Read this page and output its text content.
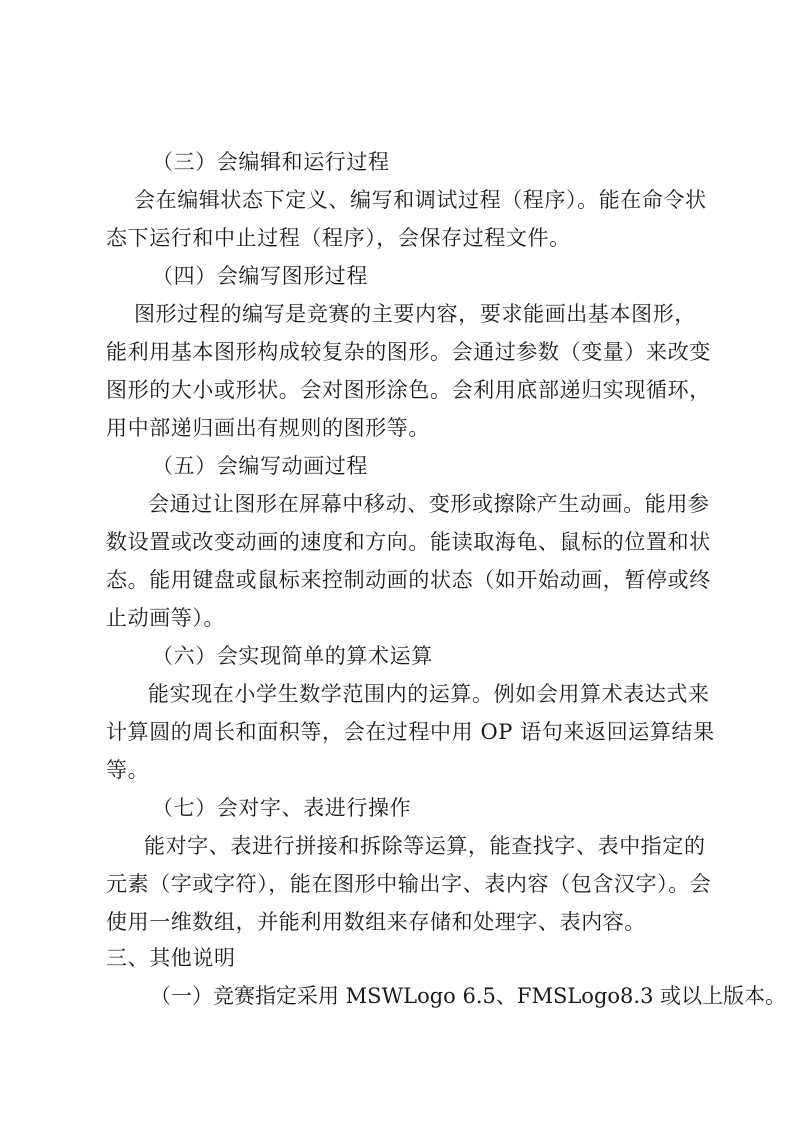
（三）会编辑和运行过程
会在编辑状态下定义、编写和调试过程（程序）。能在命令状
态下运行和中止过程（程序），会保存过程文件。
（四）会编写图形过程
图形过程的编写是竞赛的主要内容，要求能画出基本图形，
能利用基本图形构成较复杂的图形。会通过参数（变量）来改变
图形的大小或形状。会对图形涂色。会利用底部递归实现循环，
用中部递归画出有规则的图形等。
（五）会编写动画过程
会通过让图形在屏幕中移动、变形或擦除产生动画。能用参
数设置或改变动画的速度和方向。能读取海龟、鼠标的位置和状
态。能用键盘或鼠标来控制动画的状态（如开始动画，暂停或终
止动画等）。
（六）会实现简单的算术运算
能实现在小学生数学范围内的运算。例如会用算术表达式来
计算圆的周长和面积等，会在过程中用 OP 语句来返回运算结果
等。
（七）会对字、表进行操作
能对字、表进行拼接和拆除等运算，能查找字、表中指定的
元素（字或字符），能在图形中输出字、表内容（包含汉字）。会
使用一维数组，并能利用数组来存储和处理字、表内容。
三、其他说明
（一）竞赛指定采用 MSWLogo 6.5、FMSLogo8.3 或以上版本。
